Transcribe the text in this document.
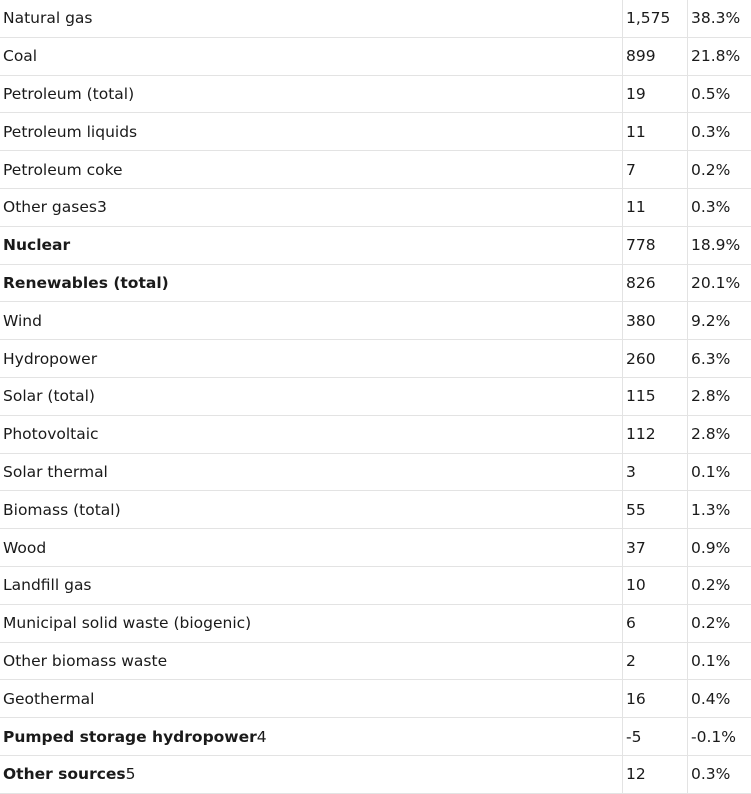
Natural gas	1,575	38.3%
Coal	899	21.8%
Petroleum (total)	19	0.5%
Petroleum liquids	11	0.3%
Petroleum coke	7	0.2%
Other gases3	11	0.3%
Nuclear	778	18.9%
Renewables (total)	826	20.1%
Wind	380	9.2%
Hydropower	260	6.3%
Solar (total)	115	2.8%
Photovoltaic	112	2.8%
Solar thermal	3	0.1%
Biomass (total)	55	1.3%
Wood	37	0.9%
Landfill gas	10	0.2%
Municipal solid waste (biogenic)	6	0.2%
Other biomass waste	2	0.1%
Geothermal	16	0.4%
Pumped storage hydropower4	-5	-0.1%
Other sources5	12	0.3%
